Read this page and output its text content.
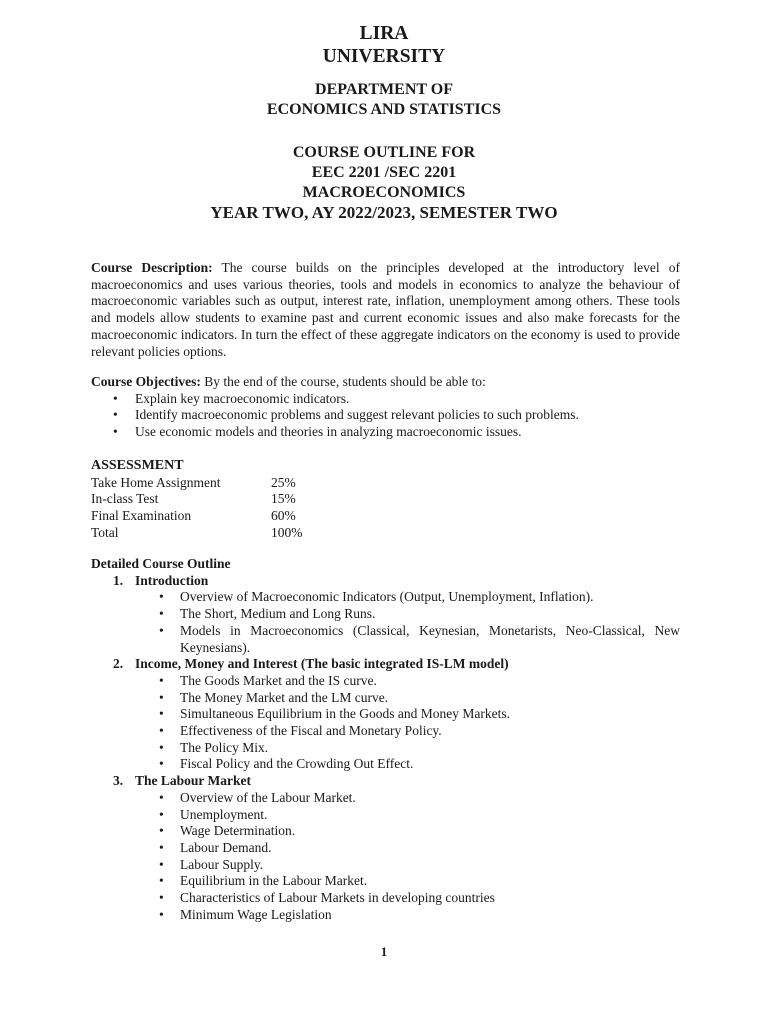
LIRA
UNIVERSITY
DEPARTMENT OF
ECONOMICS AND STATISTICS
COURSE OUTLINE FOR
EEC 2201 /SEC 2201
MACROECONOMICS
YEAR TWO, AY 2022/2023, SEMESTER TWO
Course Description: The course builds on the principles developed at the introductory level of macroeconomics and uses various theories, tools and models in economics to analyze the behaviour of macroeconomic variables such as output, interest rate, inflation, unemployment among others. These tools and models allow students to examine past and current economic issues and also make forecasts for the macroeconomic indicators. In turn the effect of these aggregate indicators on the economy is used to provide relevant policies options.
Course Objectives: By the end of the course, students should be able to:
• Explain key macroeconomic indicators.
• Identify macroeconomic problems and suggest relevant policies to such problems.
• Use economic models and theories in analyzing macroeconomic issues.
ASSESSMENT
Take Home Assignment	25%
In-class Test	15%
Final Examination	60%
Total	100%
Detailed Course Outline
1. Introduction
• Overview of Macroeconomic Indicators (Output, Unemployment, Inflation).
• The Short, Medium and Long Runs.
• Models in Macroeconomics (Classical, Keynesian, Monetarists, Neo-Classical, New Keynesians).
2. Income, Money and Interest (The basic integrated IS-LM model)
• The Goods Market and the IS curve.
• The Money Market and the LM curve.
• Simultaneous Equilibrium in the Goods and Money Markets.
• Effectiveness of the Fiscal and Monetary Policy.
• The Policy Mix.
• Fiscal Policy and the Crowding Out Effect.
3. The Labour Market
• Overview of the Labour Market.
• Unemployment.
• Wage Determination.
• Labour Demand.
• Labour Supply.
• Equilibrium in the Labour Market.
• Characteristics of Labour Markets in developing countries
• Minimum Wage Legislation
1
